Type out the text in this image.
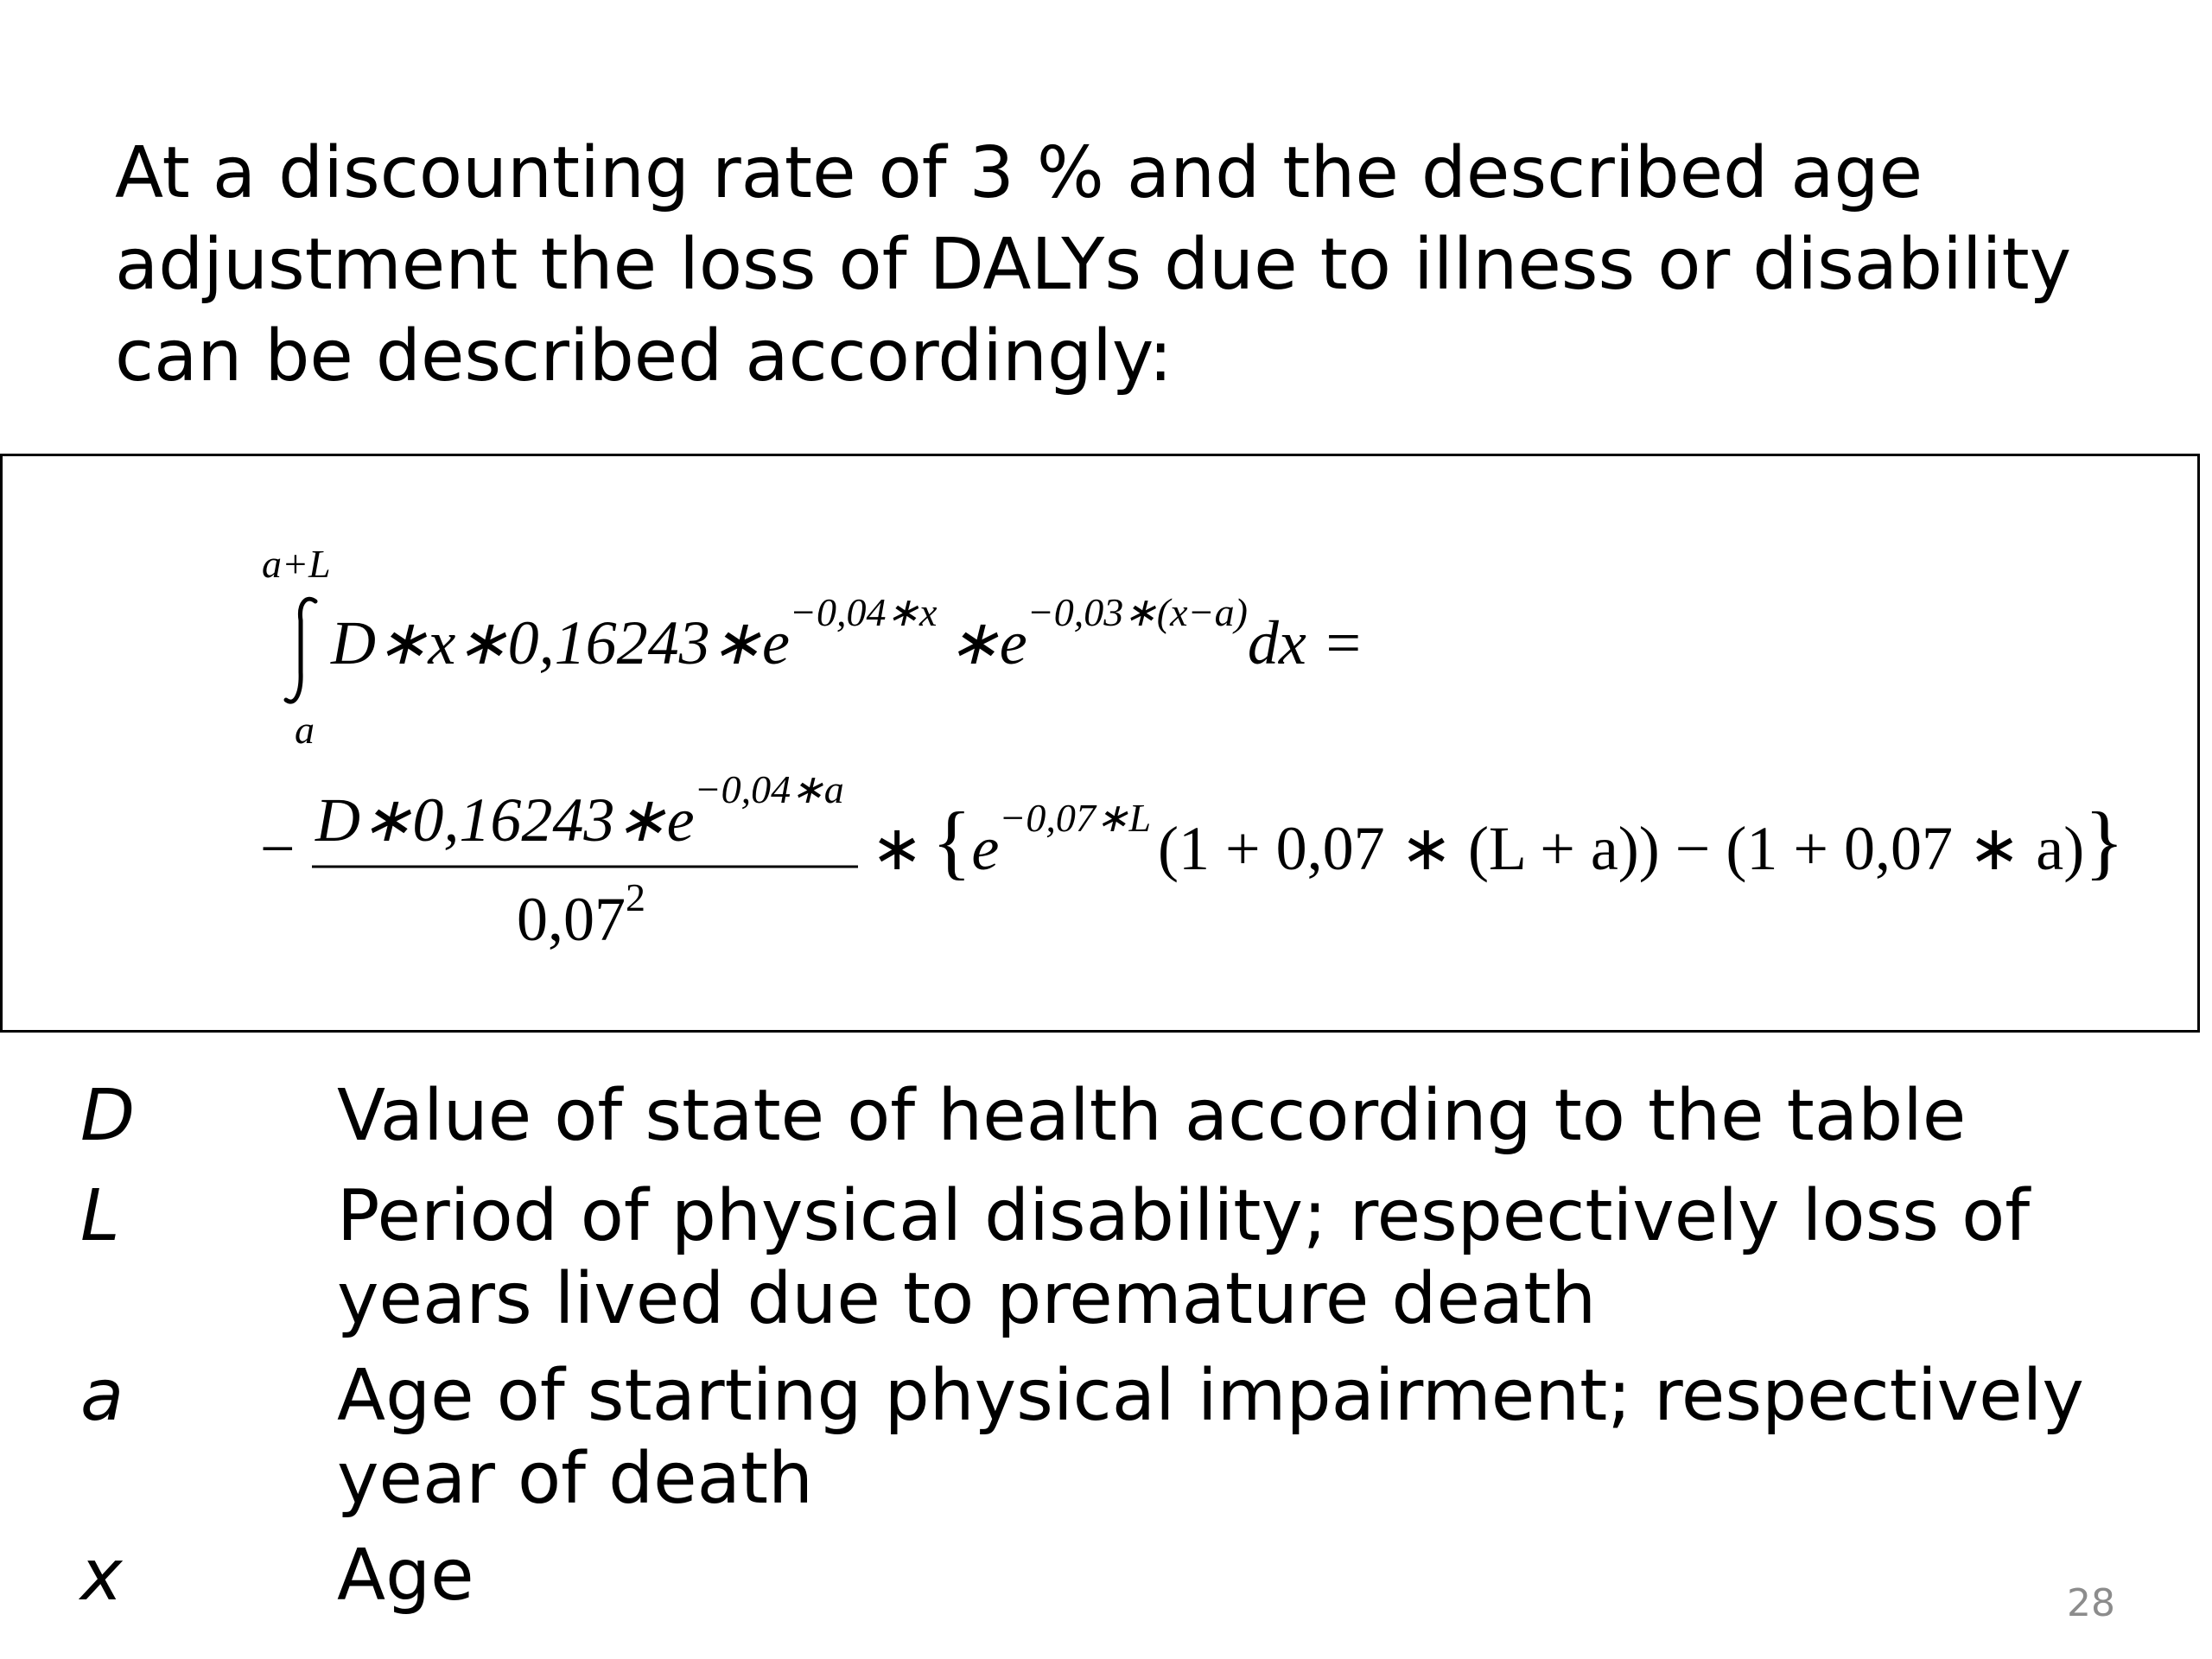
At a discounting rate of 3 % and the described age adjustment the loss of DALYs due to illness or disability can be described accordingly:

a+L
a
$D∗x∗0,16243∗e^{-0,04∗x}$ $∗e^{-0,03∗(x-a)}dx$ =
− $D∗0,16243∗e^{-0,04∗a}$
0,07$^2$
∗ {$e^{-0,07∗L}$ (1 + 0,07 ∗ (L + a)) − (1 + 0,07 ∗ a)}
D	Value of state of health according to the table
L	Period of physical disability; respectively loss of years lived due to premature death
a	Age of starting physical impairment; respectively year of death
x	Age	28
